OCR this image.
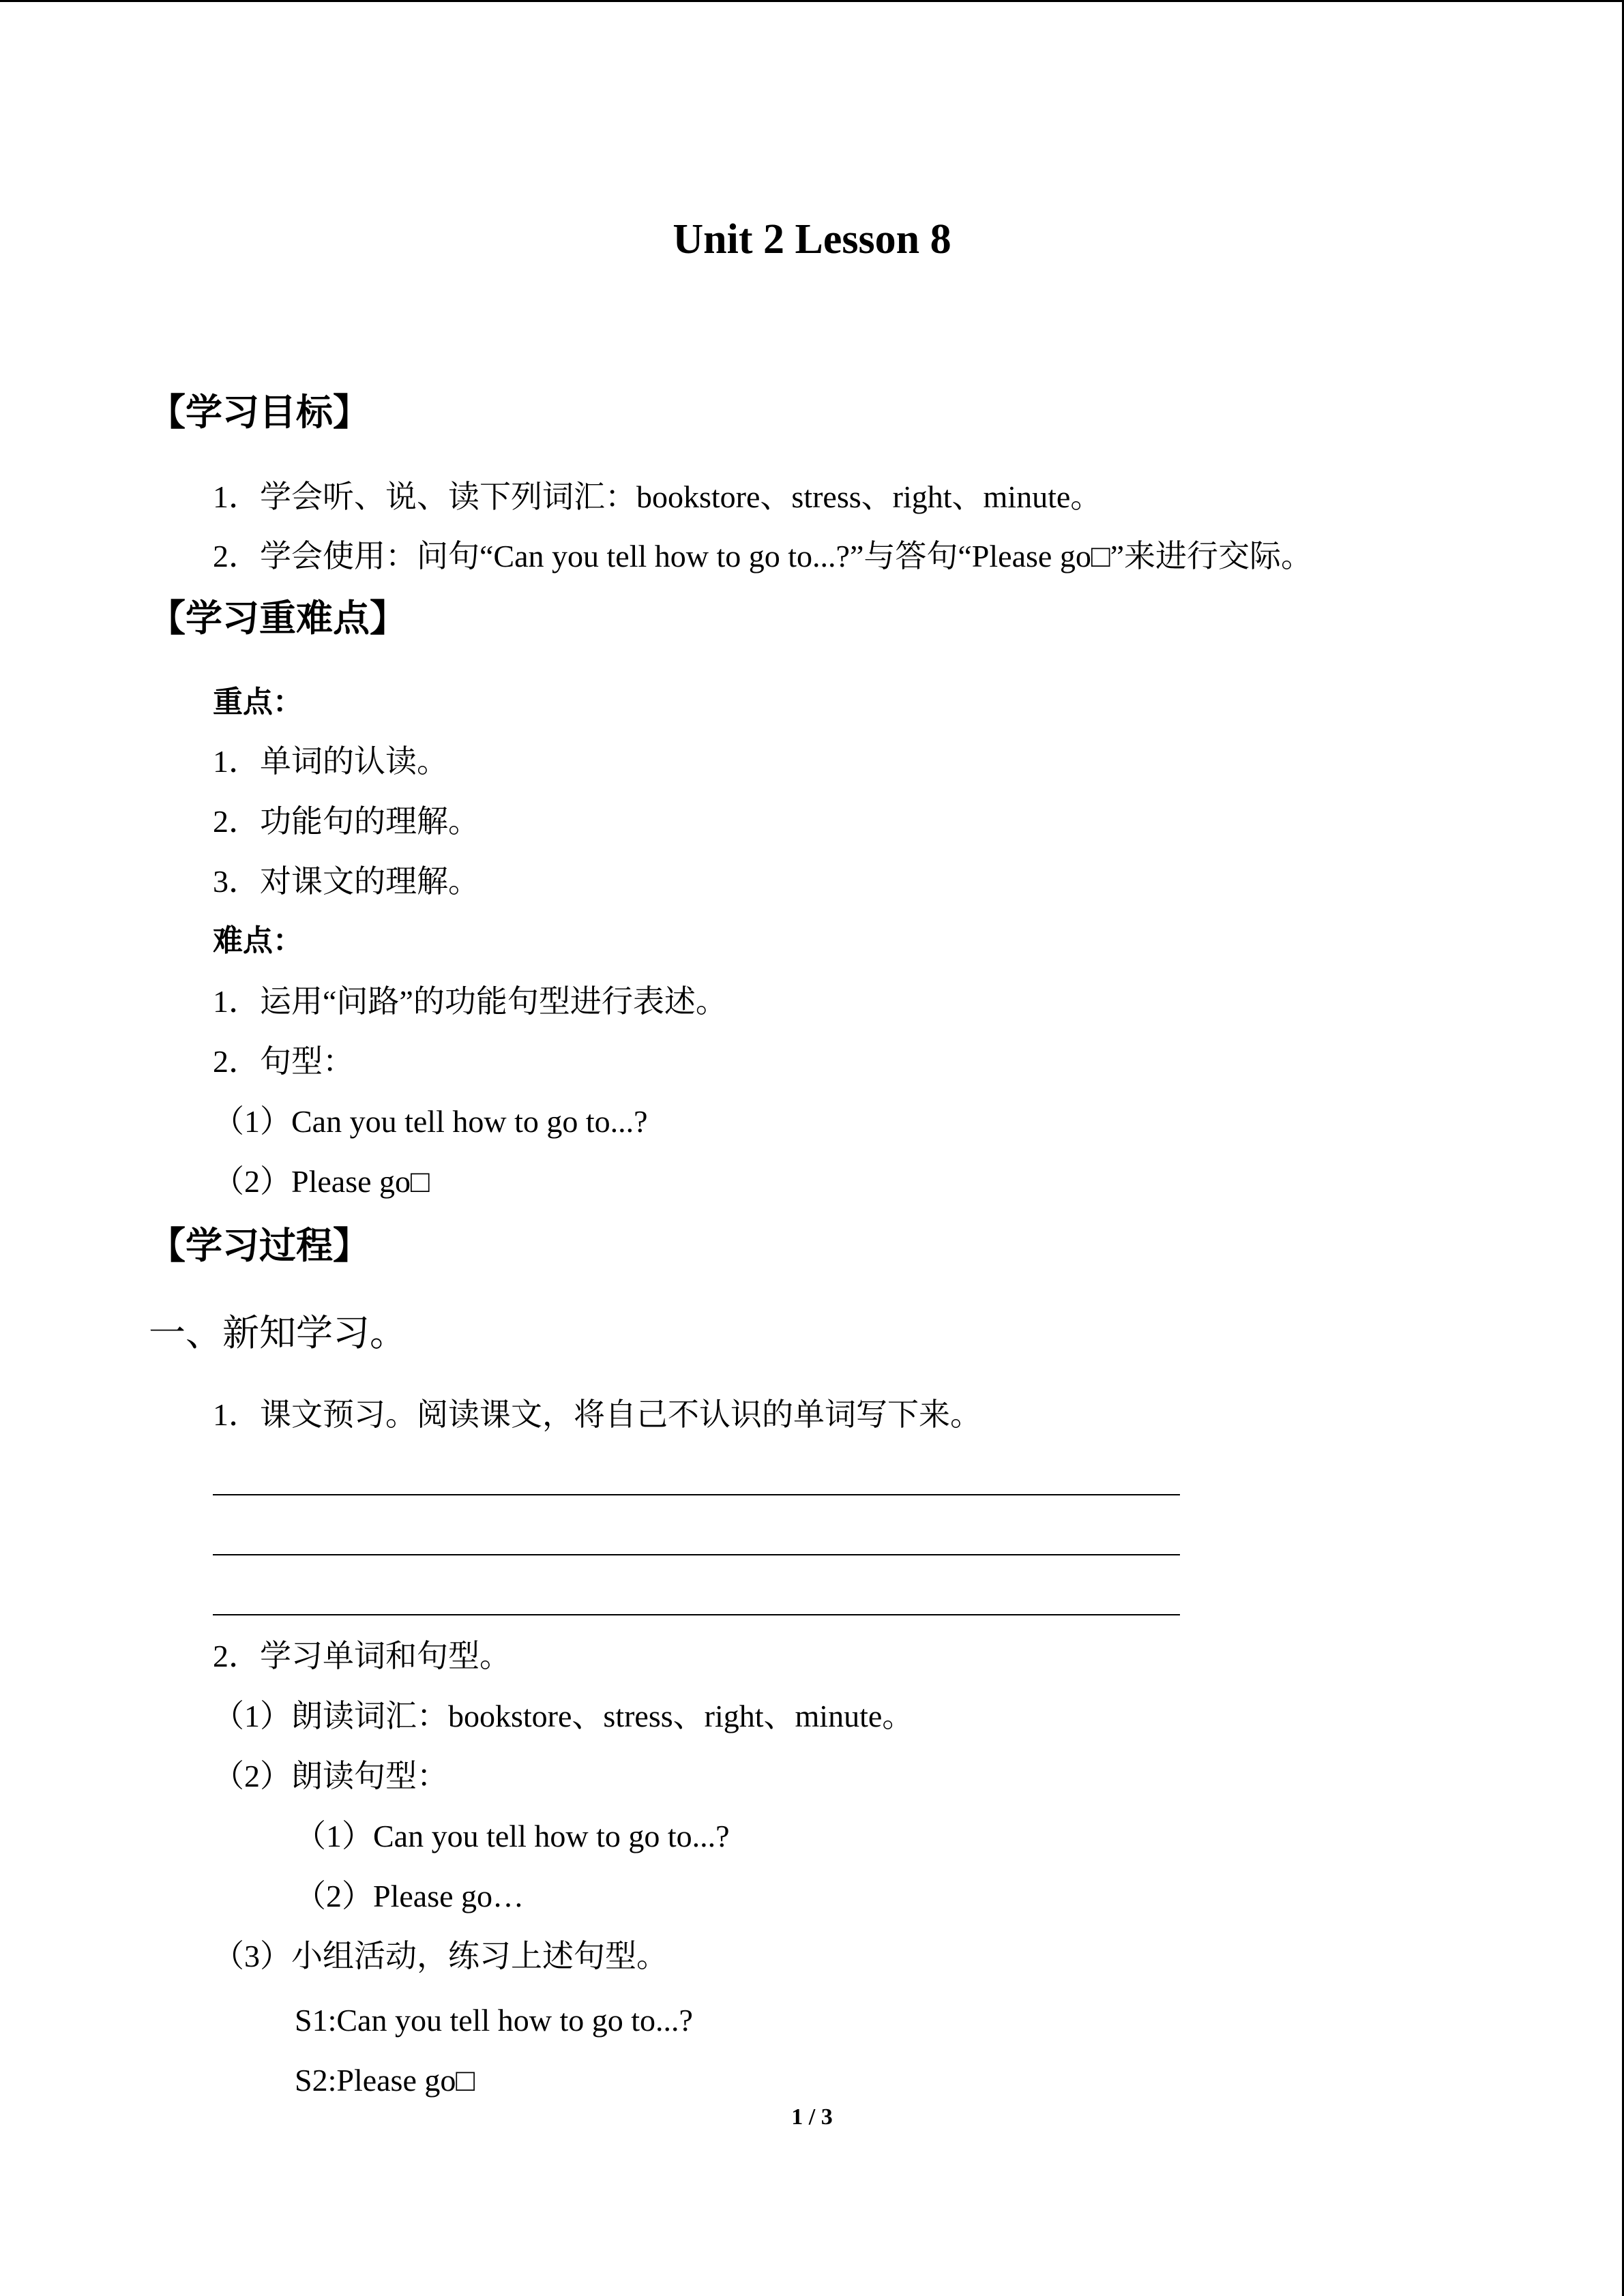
Unit 2 Lesson 8
【学习目标】
1．学会听、说、读下列词汇：bookstore、stress、right、minute。
2．学会使用：问句“Can you tell how to go to...?”与答句“Please go□”来进行交际。
【学习重难点】
重点：
1．单词的认读。
2．功能句的理解。
3．对课文的理解。
难点：
1．运用“问路”的功能句型进行表述。
2．句型：
（1）Can you tell how to go to...?
（2）Please go□
【学习过程】
一、新知学习。
1．课文预习。阅读课文，将自己不认识的单词写下来。
2．学习单词和句型。
（1）朗读词汇：bookstore、stress、right、minute。
（2）朗读句型：
（1）Can you tell how to go to...?
（2）Please go…
（3）小组活动，练习上述句型。
S1:Can you tell how to go to...?
S2:Please go□
1 / 3
